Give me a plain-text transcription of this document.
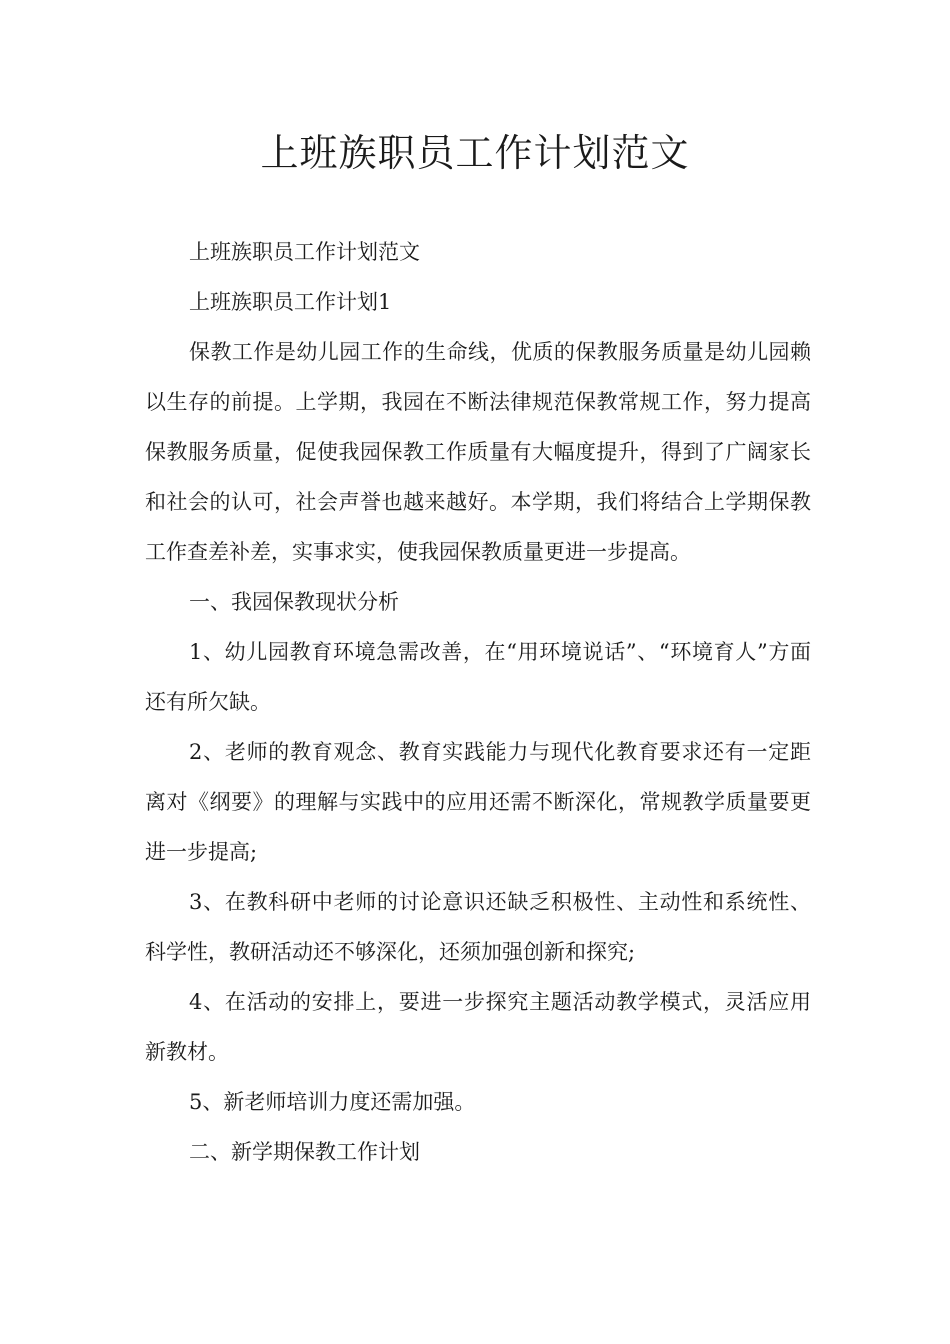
上班族职员工作计划范文

上班族职员工作计划范文

上班族职员工作计划1

保教工作是幼儿园工作的生命线，优质的保教服务质量是幼儿园赖以生存的前提。上学期，我园在不断法律规范保教常规工作，努力提高保教服务质量，促使我园保教工作质量有大幅度提升，得到了广阔家长和社会的认可，社会声誉也越来越好。本学期，我们将结合上学期保教工作查差补差，实事求实，使我园保教质量更进一步提高。

一、我园保教现状分析

1、幼儿园教育环境急需改善，在“用环境说话”、“环境育人”方面还有所欠缺。

2、老师的教育观念、教育实践能力与现代化教育要求还有一定距离对《纲要》的理解与实践中的应用还需不断深化，常规教学质量要更进一步提高;

3、在教科研中老师的讨论意识还缺乏积极性、主动性和系统性、科学性，教研活动还不够深化，还须加强创新和探究;

4、在活动的安排上，要进一步探究主题活动教学模式，灵活应用新教材。

5、新老师培训力度还需加强。

二、新学期保教工作计划
